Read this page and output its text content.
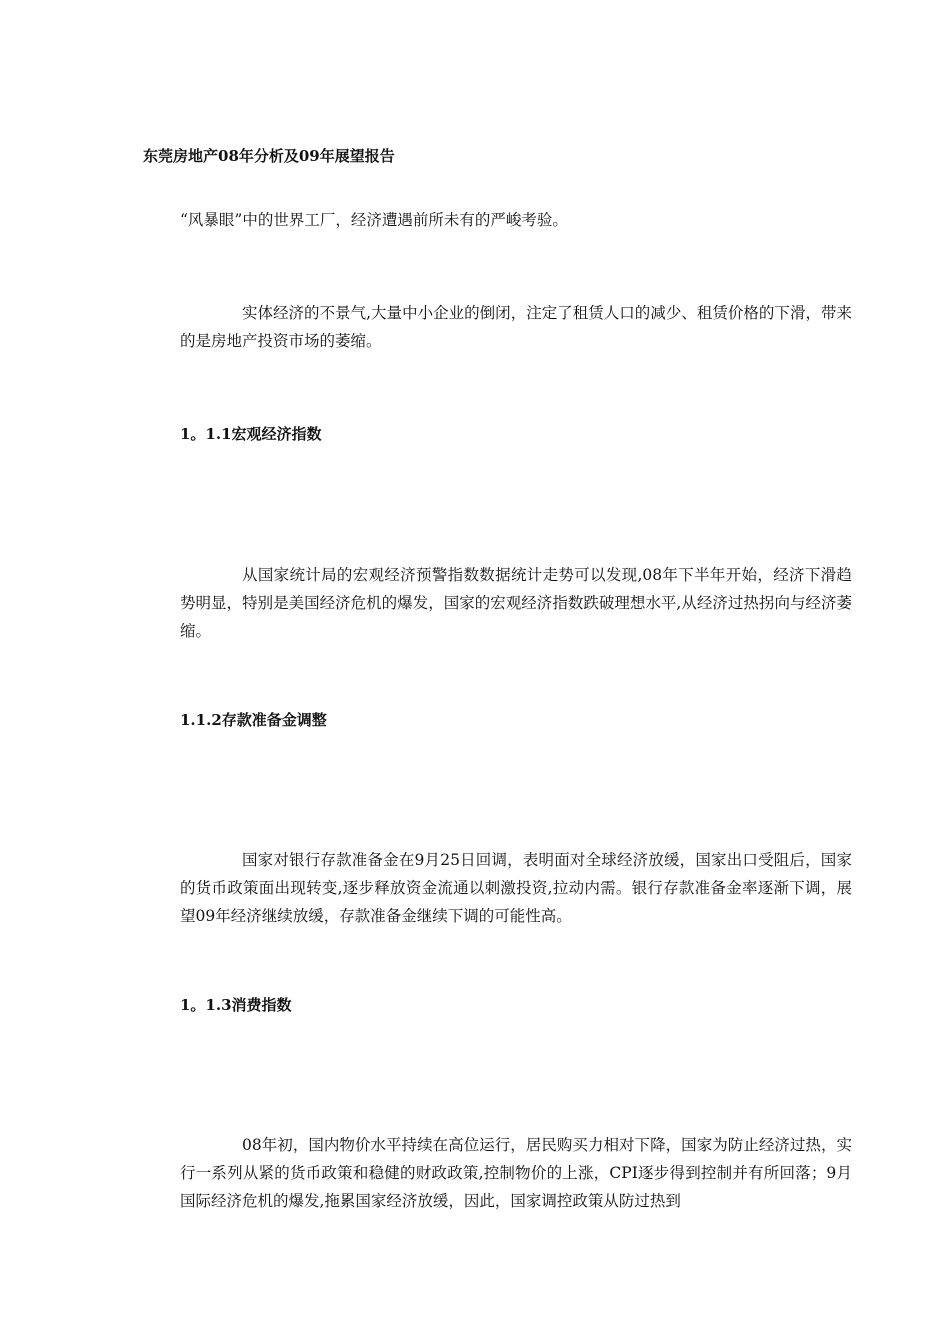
东莞房地产08年分析及09年展望报告

“风暴眼”中的世界工厂，经济遭遇前所未有的严峻考验。

实体经济的不景气,大量中小企业的倒闭，注定了租赁人口的减少、租赁价格的下滑，带来的是房地产投资市场的萎缩。

1。1.1宏观经济指数

从国家统计局的宏观经济预警指数数据统计走势可以发现,08年下半年开始，经济下滑趋势明显，特别是美国经济危机的爆发，国家的宏观经济指数跌破理想水平,从经济过热拐向与经济萎缩。

1.1.2存款准备金调整

国家对银行存款准备金在9月25日回调，表明面对全球经济放缓，国家出口受阻后，国家的货币政策面出现转变,逐步释放资金流通以刺激投资,拉动内需。银行存款准备金率逐渐下调，展望09年经济继续放缓，存款准备金继续下调的可能性高。

1。1.3消费指数

08年初，国内物价水平持续在高位运行，居民购买力相对下降，国家为防止经济过热，实行一系列从紧的货币政策和稳健的财政政策,控制物价的上涨，CPI逐步得到控制并有所回落；9月国际经济危机的爆发,拖累国家经济放缓，因此，国家调控政策从防过热到
